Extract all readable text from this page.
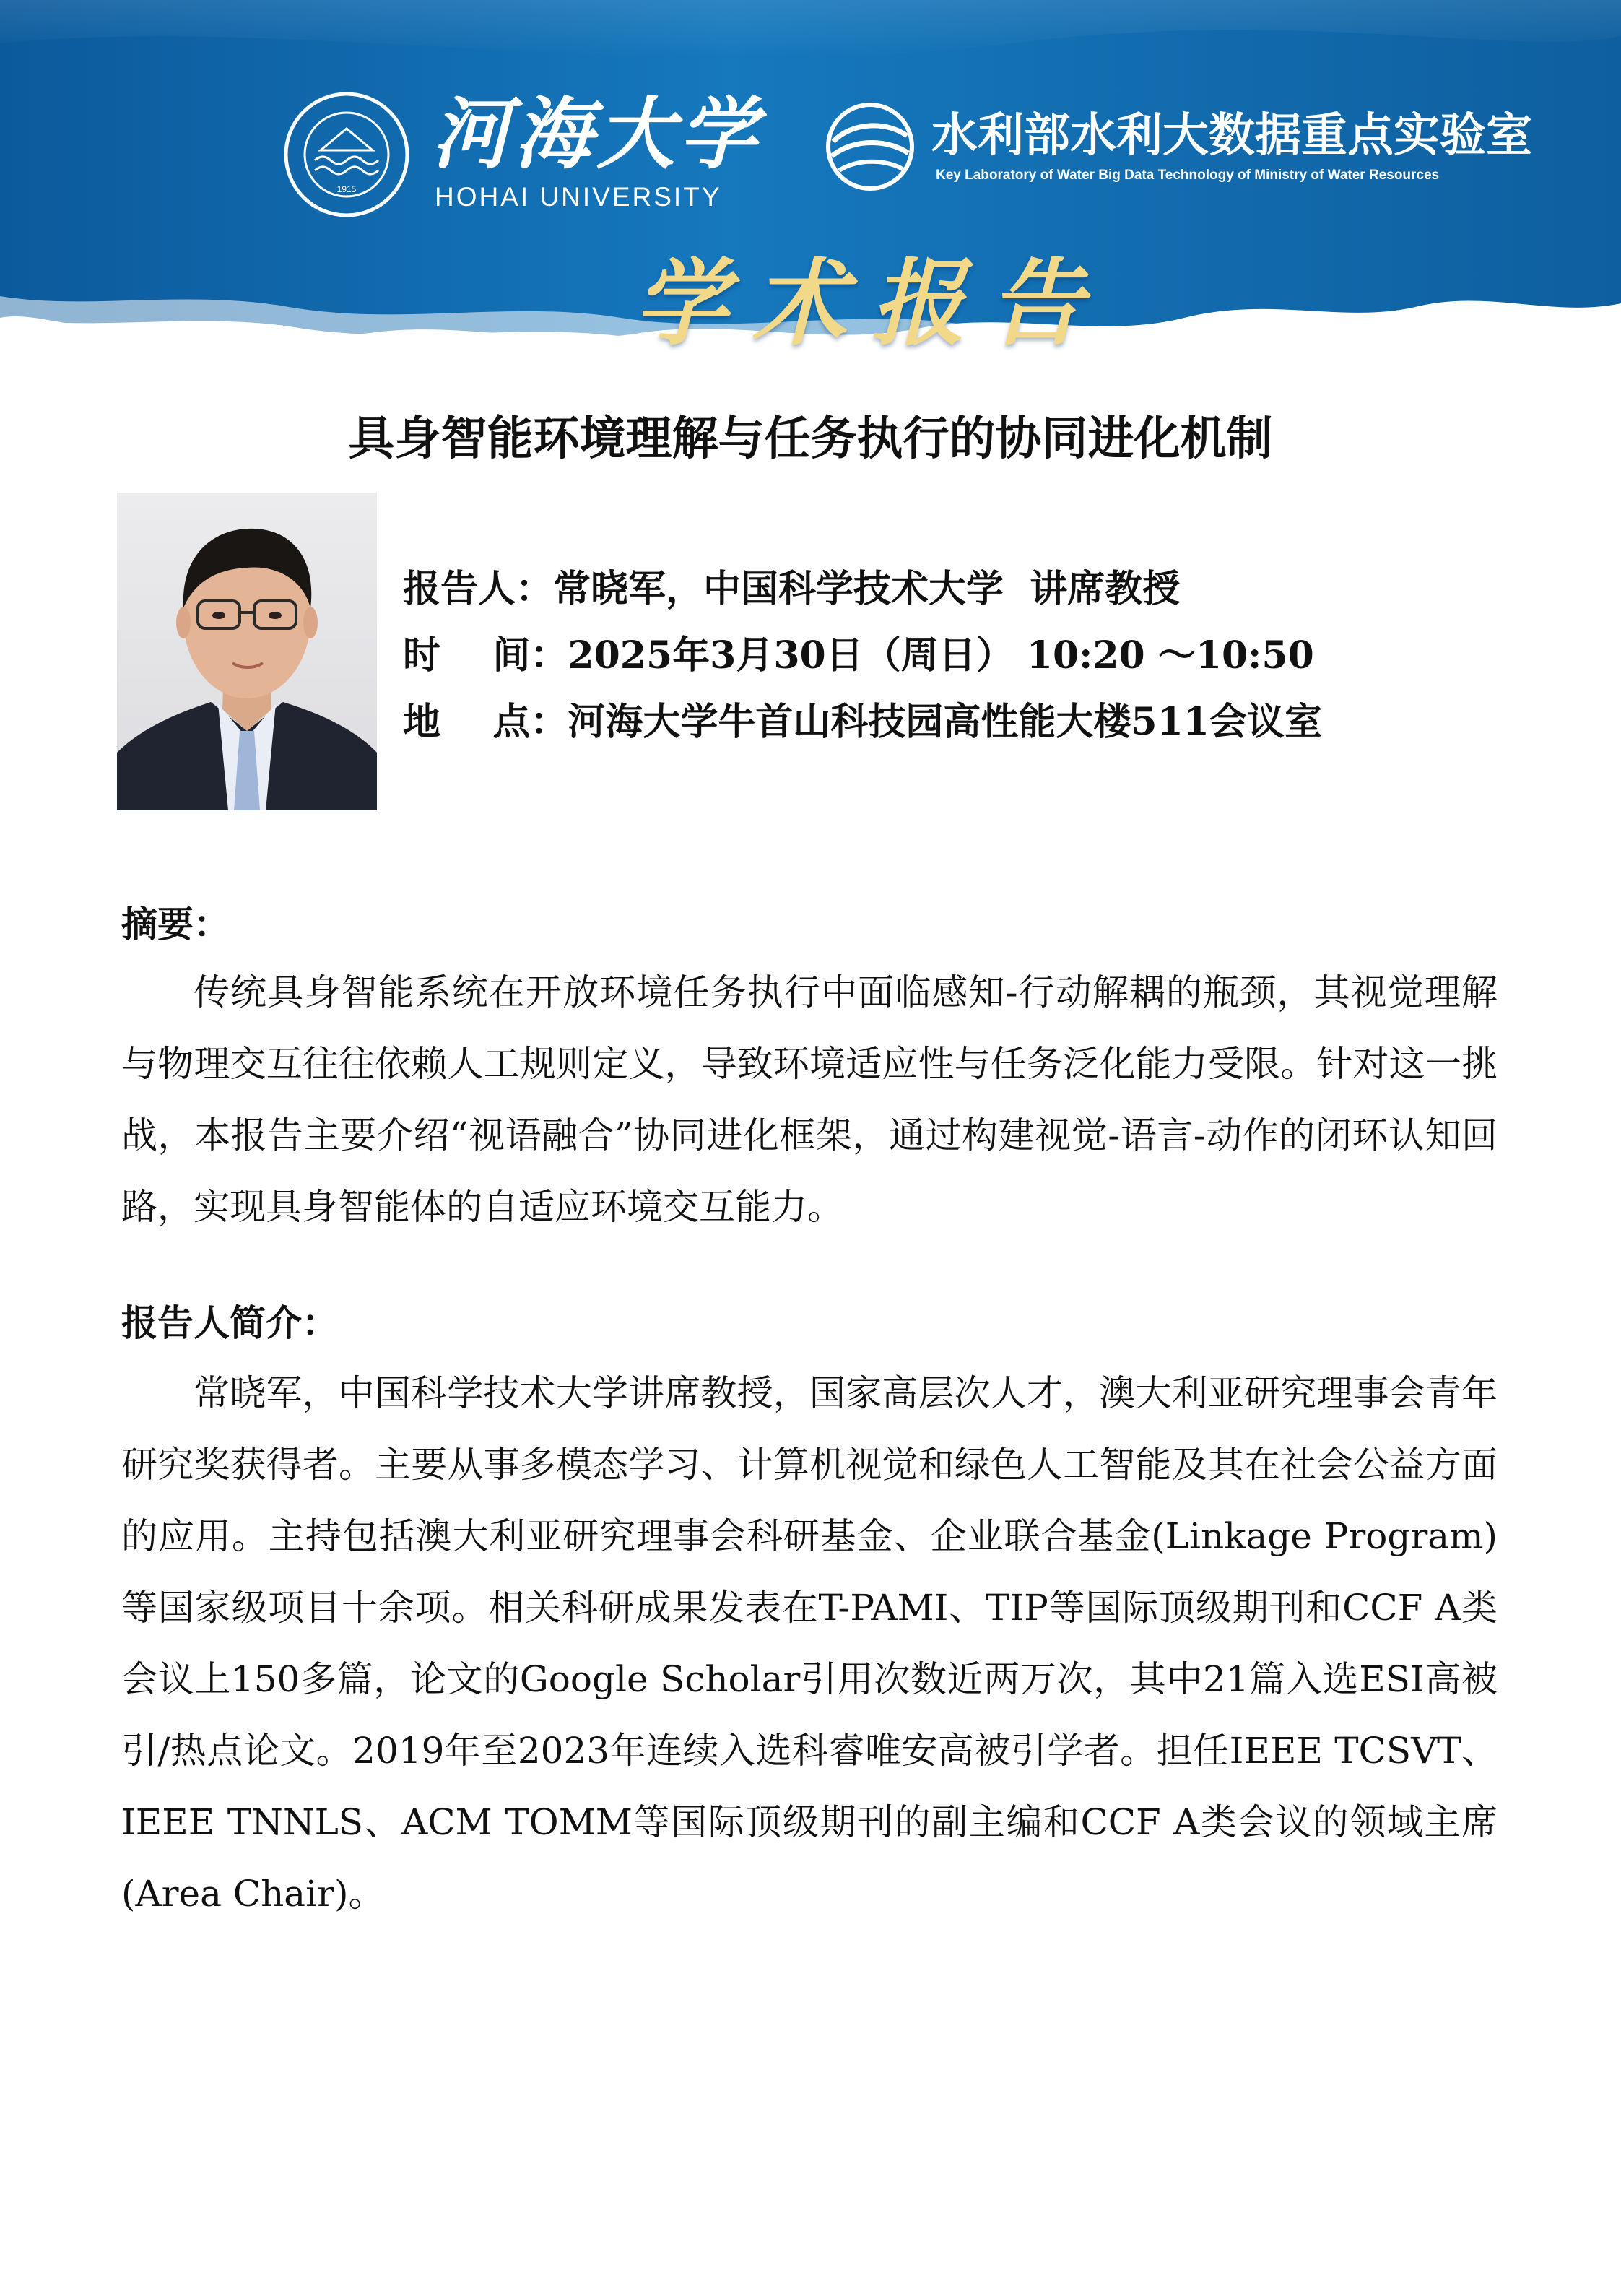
1915
河海大学
HOHAI UNIVERSITY
水利部水利大数据重点实验室
Key Laboratory of Water Big Data Technology of Ministry of Water Resources
学术报告
具身智能环境理解与任务执行的协同进化机制
报告人：常晓军，中国科学技术大学  讲席教授
时    间：2025年3月30日（周日） 10:20 ～10:50
地    点：河海大学牛首山科技园高性能大楼511会议室
摘要：
传统具身智能系统在开放环境任务执行中面临感知-行动解耦的瓶颈，其视觉理解与物理交互往往依赖人工规则定义，导致环境适应性与任务泛化能力受限。针对这一挑战，本报告主要介绍“视语融合”协同进化框架，通过构建视觉-语言-动作的闭环认知回路，实现具身智能体的自适应环境交互能力。
报告人简介：
常晓军，中国科学技术大学讲席教授，国家高层次人才，澳大利亚研究理事会青年研究奖获得者。主要从事多模态学习、计算机视觉和绿色人工智能及其在社会公益方面的应用。主持包括澳大利亚研究理事会科研基金、企业联合基金(Linkage Program)等国家级项目十余项。相关科研成果发表在T-PAMI、TIP等国际顶级期刊和CCF A类会议上150多篇，论文的Google Scholar引用次数近两万次，其中21篇入选ESI高被引/热点论文。2019年至2023年连续入选科睿唯安高被引学者。担任IEEE TCSVT、IEEE TNNLS、ACM TOMM等国际顶级期刊的副主编和CCF A类会议的领域主席(Area Chair)。
